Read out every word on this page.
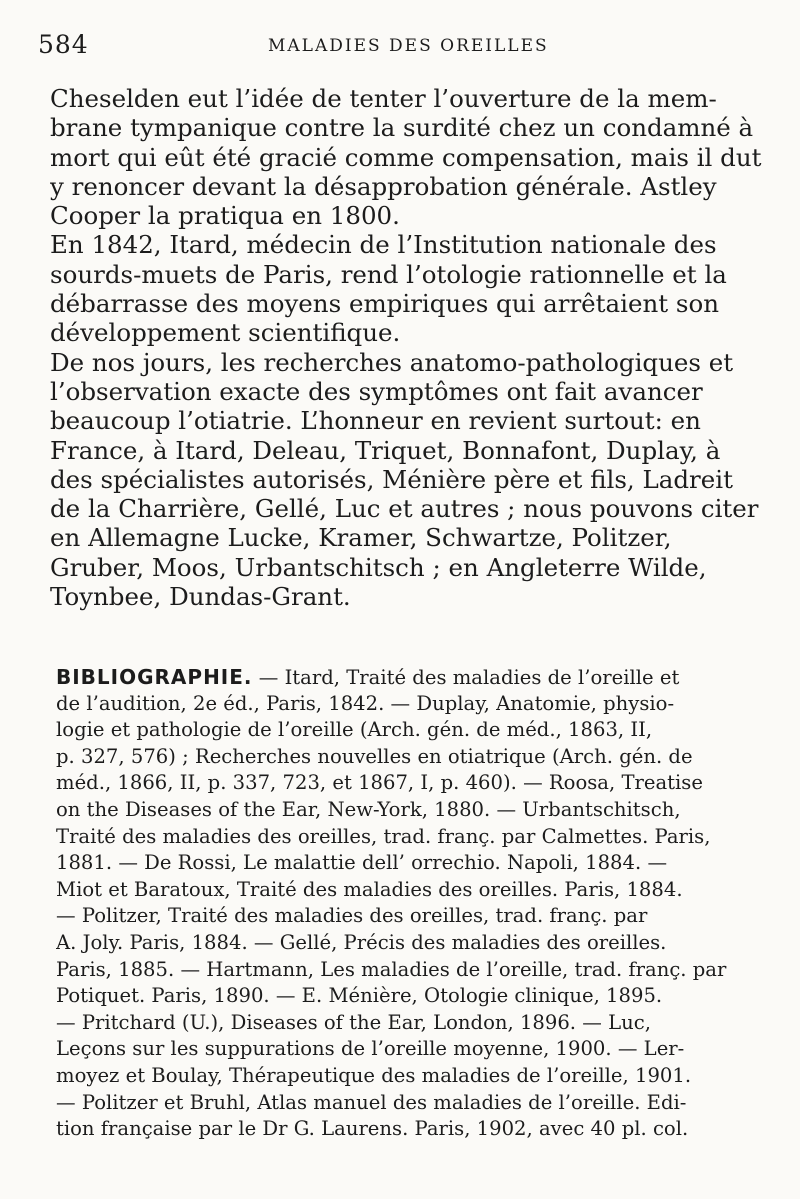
584	MALADIES DES OREILLES
Cheselden eut l’idée de tenter l’ouverture de la mem-
brane tympanique contre la surdité chez un condamné à
mort qui eût été gracié comme compensation, mais il dut
y renoncer devant la désapprobation générale. Astley
Cooper la pratiqua en 1800.
En 1842, Itard, médecin de l’Institution nationale des
sourds-muets de Paris, rend l’otologie rationnelle et la
débarrasse des moyens empiriques qui arrêtaient son
développement scientifique.
De nos jours, les recherches anatomo-pathologiques et
l’observation exacte des symptômes ont fait avancer
beaucoup l’otiatrie. L’honneur en revient surtout: en
France, à Itard, Deleau, Triquet, Bonnafont, Duplay, à
des spécialistes autorisés, Ménière père et fils, Ladreit
de la Charrière, Gellé, Luc et autres ; nous pouvons citer
en Allemagne Lucke, Kramer, Schwartze, Politzer,
Gruber, Moos, Urbantschitsch ; en Angleterre Wilde,
Toynbee, Dundas-Grant.
BIBLIOGRAPHIE. — Itard, Traité des maladies de l’oreille et
de l’audition, 2e éd., Paris, 1842. — Duplay, Anatomie, physio-
logie et pathologie de l’oreille (Arch. gén. de méd., 1863, II,
p. 327, 576) ; Recherches nouvelles en otiatrique (Arch. gén. de
méd., 1866, II, p. 337, 723, et 1867, I, p. 460). — Roosa, Treatise
on the Diseases of the Ear, New-York, 1880. — Urbantschitsch,
Traité des maladies des oreilles, trad. franç. par Calmettes. Paris,
1881. — De Rossi, Le malattie dell’ orrechio. Napoli, 1884. —
Miot et Baratoux, Traité des maladies des oreilles. Paris, 1884.
— Politzer, Traité des maladies des oreilles, trad. franç. par
A. Joly. Paris, 1884. — Gellé, Précis des maladies des oreilles.
Paris, 1885. — Hartmann, Les maladies de l’oreille, trad. franç. par
Potiquet. Paris, 1890. — E. Ménière, Otologie clinique, 1895.
— Pritchard (U.), Diseases of the Ear, London, 1896. — Luc,
Leçons sur les suppurations de l’oreille moyenne, 1900. — Ler-
moyez et Boulay, Thérapeutique des maladies de l’oreille, 1901.
— Politzer et Bruhl, Atlas manuel des maladies de l’oreille. Edi-
tion française par le Dr G. Laurens. Paris, 1902, avec 40 pl. col.
